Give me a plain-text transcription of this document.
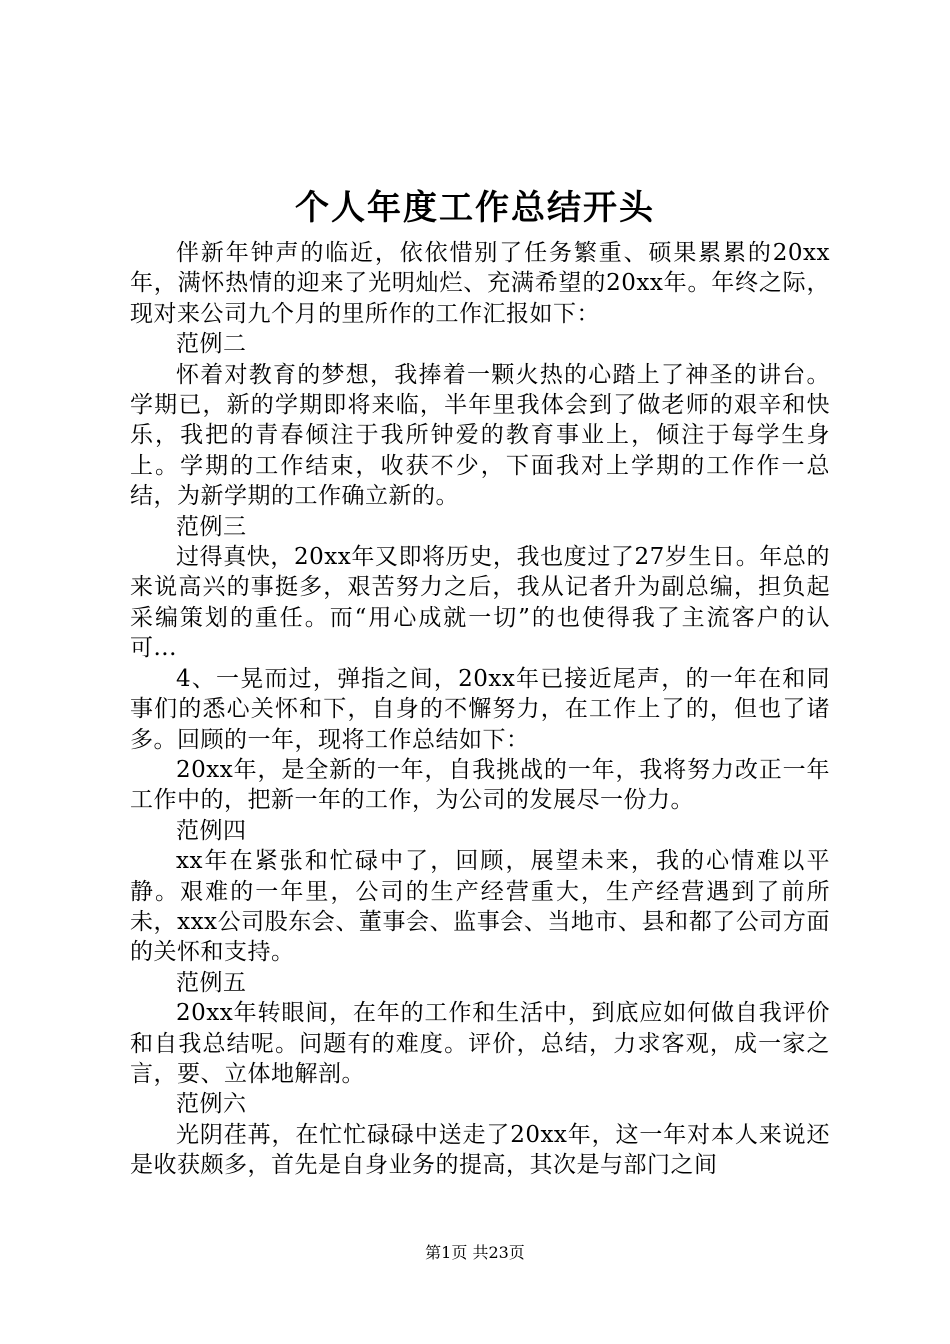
个人年度工作总结开头

伴新年钟声的临近，依依惜别了任务繁重、硕果累累的20xx年，满怀热情的迎来了光明灿烂、充满希望的20xx年。年终之际，现对来公司九个月的里所作的工作汇报如下：

范例二

怀着对教育的梦想，我捧着一颗火热的心踏上了神圣的讲台。学期已，新的学期即将来临，半年里我体会到了做老师的艰辛和快乐，我把的青春倾注于我所钟爱的教育事业上，倾注于每学生身上。学期的工作结束，收获不少，下面我对上学期的工作作一总结，为新学期的工作确立新的。

范例三

过得真快，20xx年又即将历史，我也度过了27岁生日。年总的来说高兴的事挺多，艰苦努力之后，我从记者升为副总编，担负起采编策划的重任。而“用心成就一切”的也使得我了主流客户的认可...

4、一晃而过，弹指之间，20xx年已接近尾声，的一年在和同事们的悉心关怀和下，自身的不懈努力，在工作上了的，但也了诸多。回顾的一年，现将工作总结如下：

20xx年，是全新的一年，自我挑战的一年，我将努力改正一年工作中的，把新一年的工作，为公司的发展尽一份力。

范例四

xx年在紧张和忙碌中了，回顾，展望未来，我的心情难以平静。艰难的一年里，公司的生产经营重大，生产经营遇到了前所未，xxx公司股东会、董事会、监事会、当地市、县和都了公司方面的关怀和支持。

范例五

20xx年转眼间，在年的工作和生活中，到底应如何做自我评价和自我总结呢。问题有的难度。评价，总结，力求客观，成一家之言，要、立体地解剖。

范例六

光阴荏苒，在忙忙碌碌中送走了20xx年，这一年对本人来说还是收获颇多，首先是自身业务的提高，其次是与部门之间

第1页 共23页
